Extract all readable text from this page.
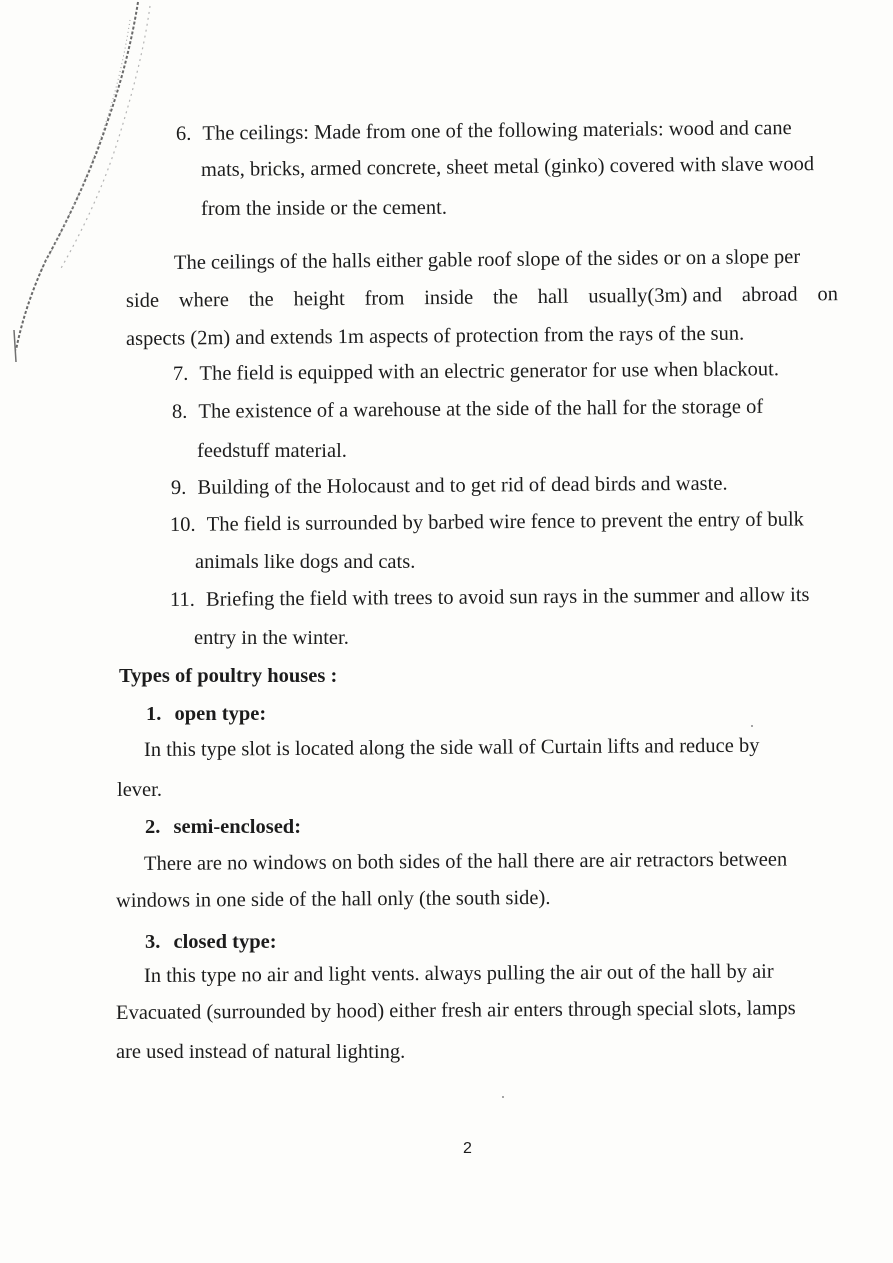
6. The ceilings: Made from one of the following materials: wood and cane
mats, bricks, armed concrete, sheet metal (ginko) covered with slave wood
from the inside or the cement.
The ceilings of the halls either gable roof slope of the sides or on a slope per
side where the height from inside the hall usually(3m) and abroad on
aspects (2m) and extends 1m aspects of protection from the rays of the sun.
7. The field is equipped with an electric generator for use when blackout.
8. The existence of a warehouse at the side of the hall for the storage of
feedstuff material.
9. Building of the Holocaust and to get rid of dead birds and waste.
10. The field is surrounded by barbed wire fence to prevent the entry of bulk
animals like dogs and cats.
11. Briefing the field with trees to avoid sun rays in the summer and allow its
entry in the winter.
Types of poultry houses :
1. open type:
In this type slot is located along the side wall of Curtain lifts and reduce by
lever.
2. semi-enclosed:
There are no windows on both sides of the hall there are air retractors between
windows in one side of the hall only (the south side).
3. closed type:
In this type no air and light vents. always pulling the air out of the hall by air
Evacuated (surrounded by hood) either fresh air enters through special slots, lamps
are used instead of natural lighting.
2
